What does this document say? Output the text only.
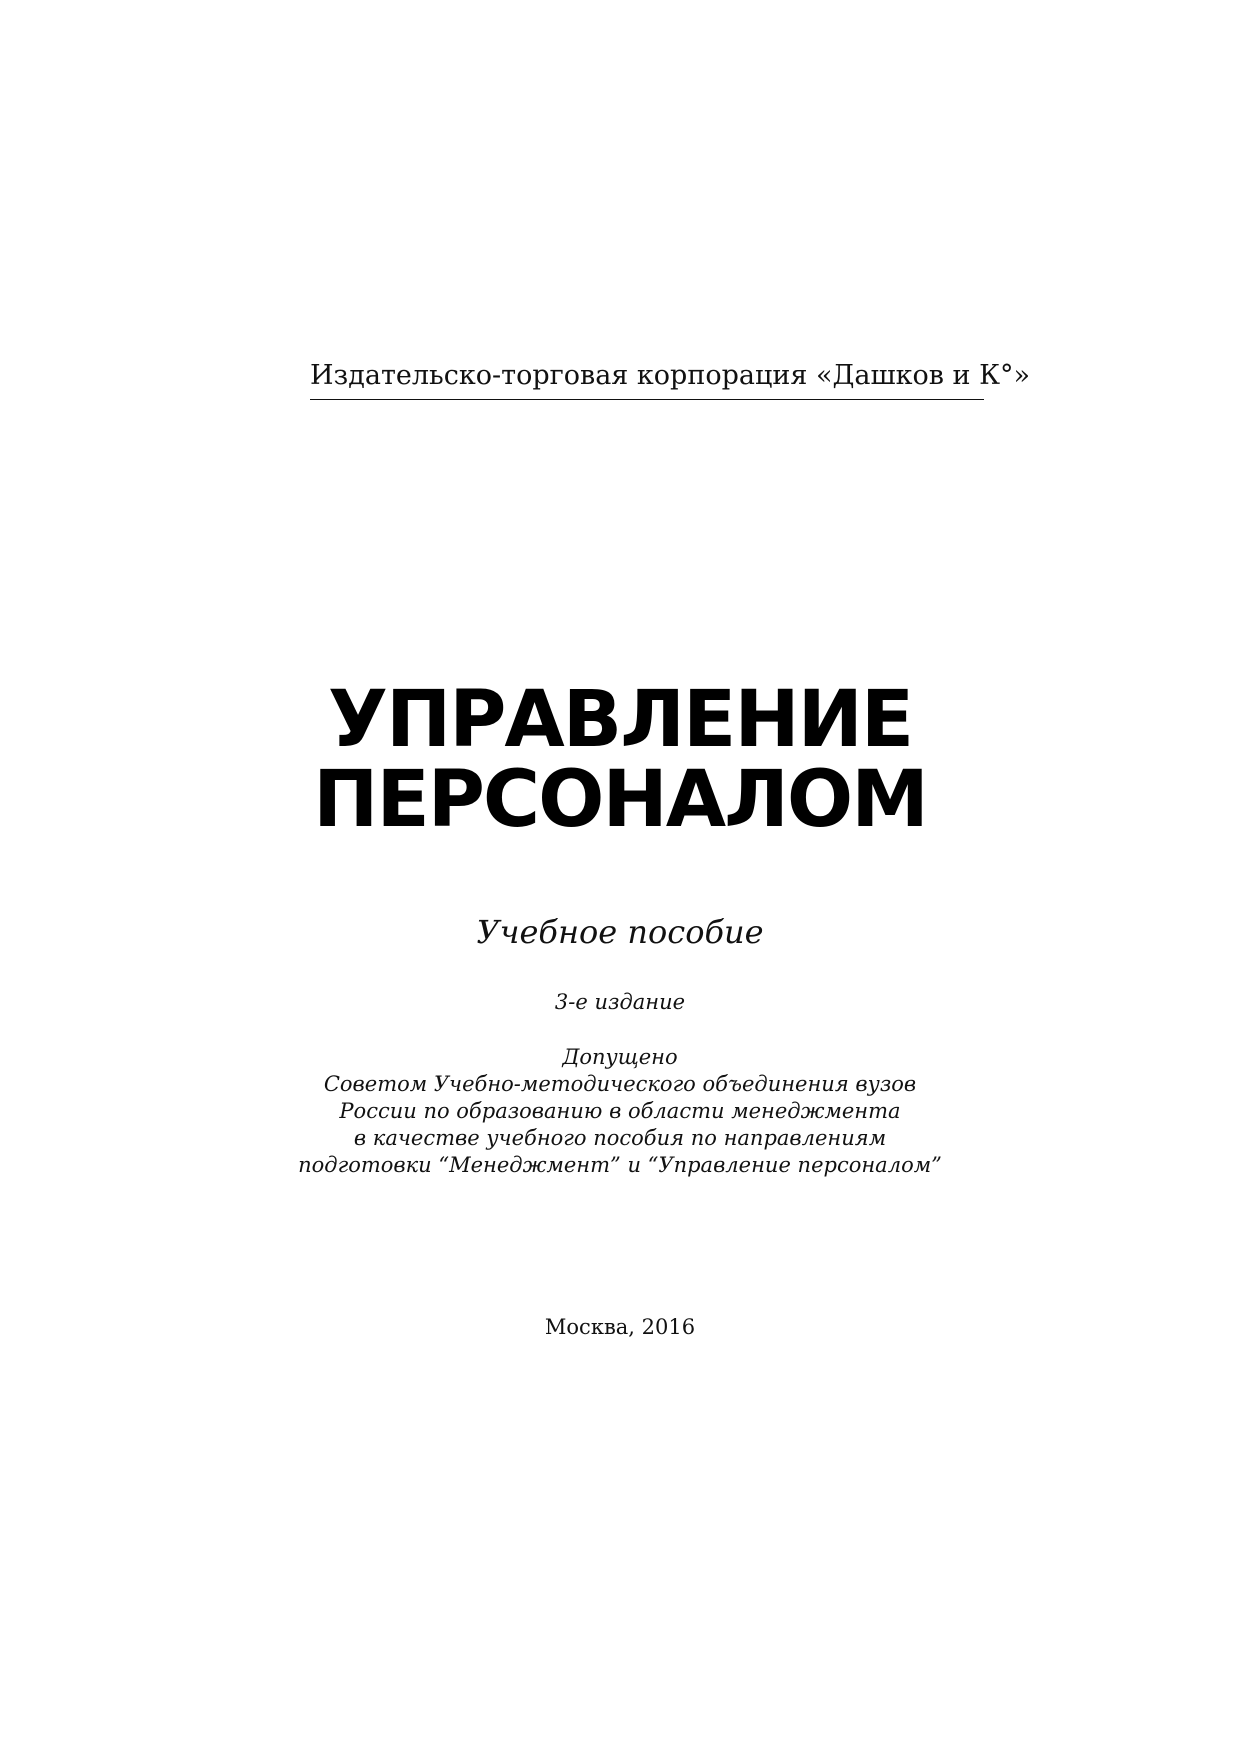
Издательско-торговая корпорация «Дашков и К°»
УПРАВЛЕНИЕ
ПЕРСОНАЛОМ
Учебное пособие
3-е издание
Допущено
Советом Учебно-методического объединения вузов
России по образованию в области менеджмента
в качестве учебного пособия по направлениям
подготовки “Менеджмент” и “Управление персоналом”
Москва, 2016
